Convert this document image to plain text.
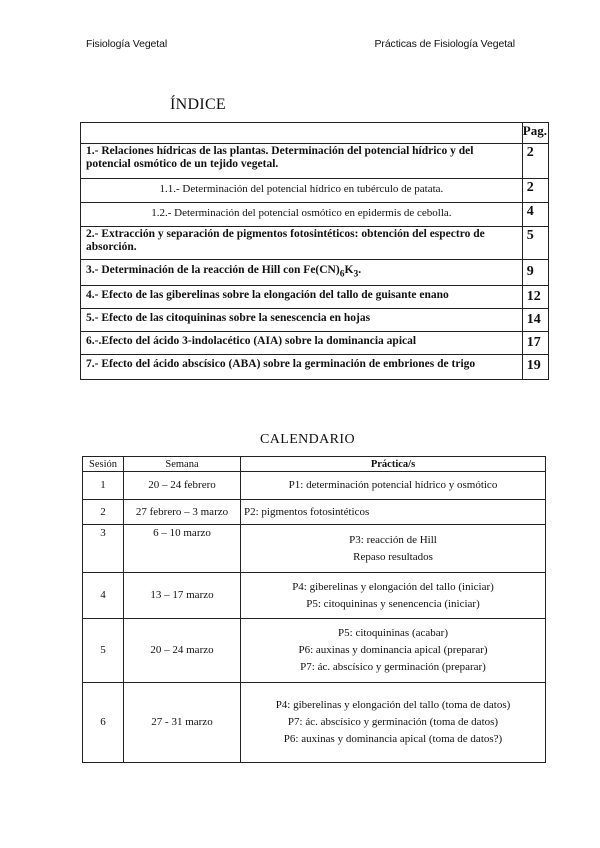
Fisiología Vegetal	Prácticas de Fisiología Vegetal
ÍNDICE
	Pag.
1.- Relaciones hídricas de las plantas. Determinación del potencial hídrico y del potencial osmótico de un tejido vegetal.	2
1.1.- Determinación del potencial hídrico en tubérculo de patata.	2
1.2.- Determinación del potencial osmótico en epidermis de cebolla.	4
2.- Extracción y separación de pigmentos fotosintéticos: obtención del espectro de absorción.	5
3.- Determinación de la reacción de Hill con $Fe(CN)_6K_3$.	9
4.- Efecto de las giberelinas sobre la elongación del tallo de guisante enano	12
5.- Efecto de las citoquininas sobre la senescencia en hojas	14
6.-.Efecto del ácido 3-indolacético (AIA) sobre la dominancia apical	17
7.- Efecto del ácido abscísico (ABA) sobre la germinación de embriones de trigo	19
CALENDARIO
Sesión	Semana	Práctica/s
1	20 – 24 febrero	P1: determinación potencial hídrico y osmótico

2	27 febrero – 3 marzo	P2: pigmentos fotosintéticos

3	6 – 10 marzo	P3: reacción de Hill
Repaso resultados

4	13 – 17 marzo	P4: giberelinas y elongación del tallo (iniciar)
P5: citoquininas y senencencia (iniciar)

5	20 – 24 marzo	P5: citoquininas (acabar)
P6: auxinas y dominancia apical (preparar)
P7: ác. abscísico y germinación (preparar)

6	27 - 31 marzo	P4: giberelinas y elongación del tallo (toma de datos)
P7: ác. abscísico y germinación (toma de datos)
P6: auxinas y dominancia apical (toma de datos?)
